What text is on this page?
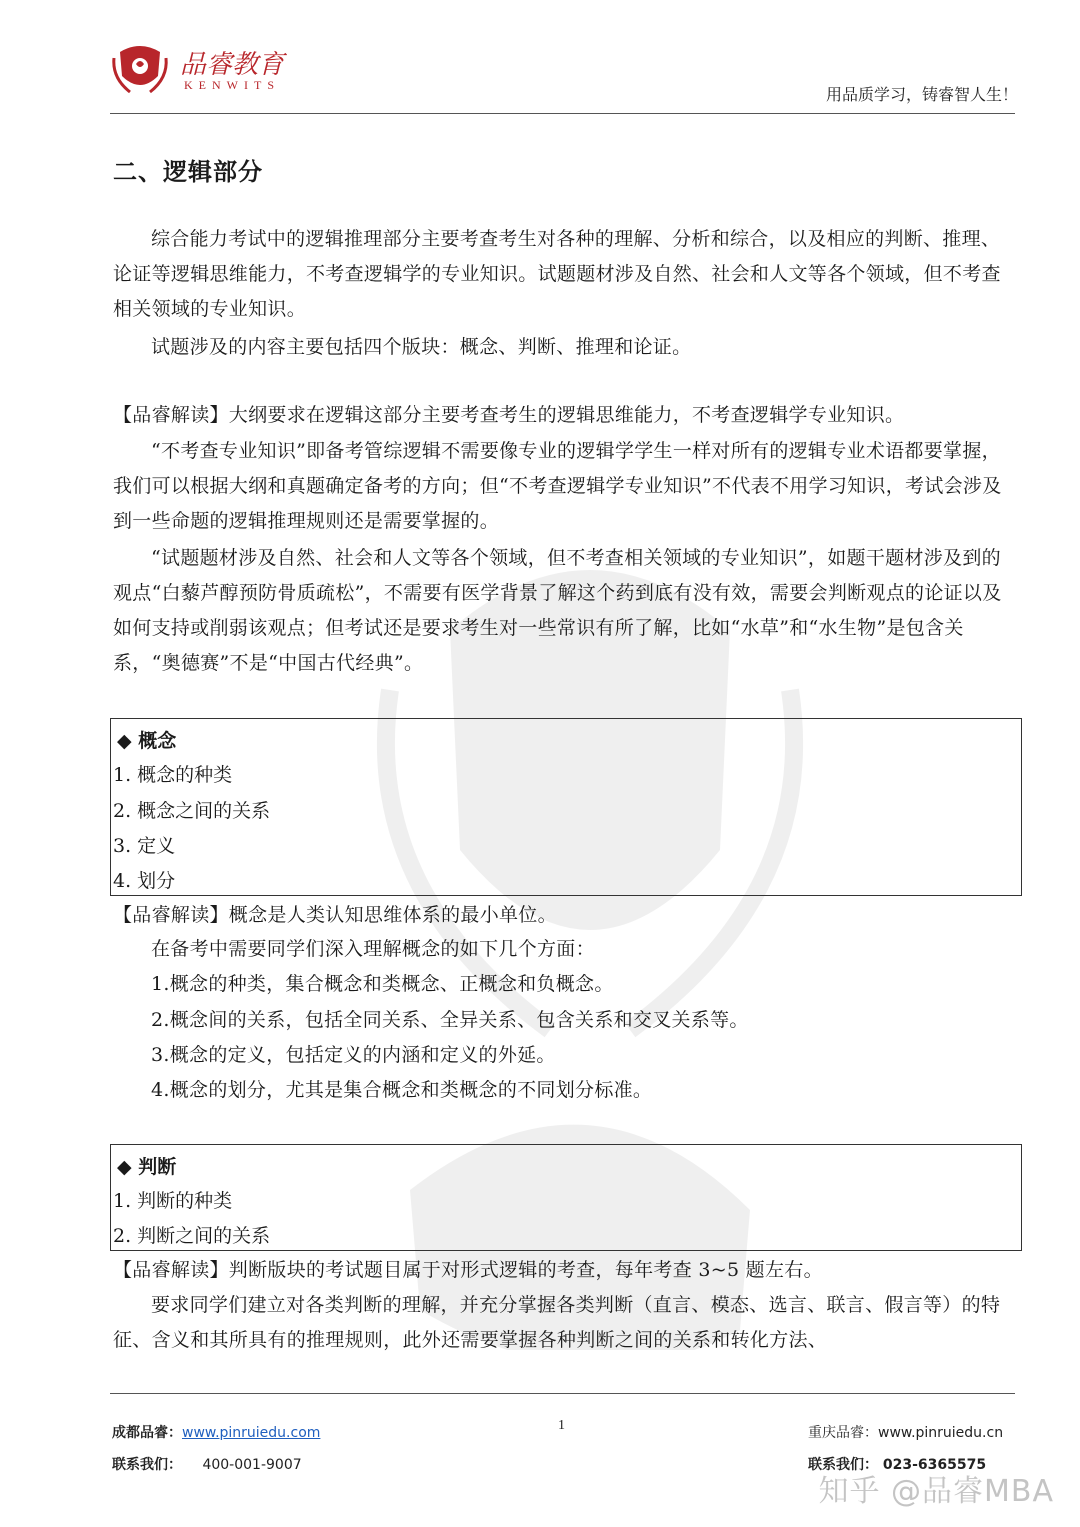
品睿教育
KENWITS	用品质学习，铸睿智人生！
二、逻辑部分

综合能力考试中的逻辑推理部分主要考查考生对各种的理解、分析和综合，以及相应的判断、推理、论证等逻辑思维能力，不考查逻辑学的专业知识。试题题材涉及自然、社会和人文等各个领域，但不考查相关领域的专业知识。

试题涉及的内容主要包括四个版块：概念、判断、推理和论证。

【品睿解读】大纲要求在逻辑这部分主要考查考生的逻辑思维能力，不考查逻辑学专业知识。

“不考查专业知识”即备考管综逻辑不需要像专业的逻辑学学生一样对所有的逻辑专业术语都要掌握，我们可以根据大纲和真题确定备考的方向；但“不考查逻辑学专业知识”不代表不用学习知识，考试会涉及到一些命题的逻辑推理规则还是需要掌握的。

“试题题材涉及自然、社会和人文等各个领域，但不考查相关领域的专业知识”，如题干题材涉及到的观点“白藜芦醇预防骨质疏松”，不需要有医学背景了解这个药到底有没有效，需要会判断观点的论证以及如何支持或削弱该观点；但考试还是要求考生对一些常识有所了解，比如“水草”和“水生物”是包含关系，“奥德赛”不是“中国古代经典”。

◆ 概念
1. 概念的种类
2. 概念之间的关系
3. 定义
4. 划分

【品睿解读】概念是人类认知思维体系的最小单位。

在备考中需要同学们深入理解概念的如下几个方面：

1.概念的种类，集合概念和类概念、正概念和负概念。

2.概念间的关系，包括全同关系、全异关系、包含关系和交叉关系等。

3.概念的定义，包括定义的内涵和定义的外延。

4.概念的划分，尤其是集合概念和类概念的不同划分标准。

◆ 判断
1. 判断的种类
2. 判断之间的关系

【品睿解读】判断版块的考试题目属于对形式逻辑的考查，每年考查 3~5 题左右。

要求同学们建立对各类判断的理解，并充分掌握各类判断（直言、模态、选言、联言、假言等）的特征、含义和其所具有的推理规则，此外还需要掌握各种判断之间的关系和转化方法、

成都品睿：www.pinruiedu.com
联系我们： 400-001-9007
1	重庆品睿：www.pinruiedu.cn
联系我们： 023-6365575
知乎 @品睿MBA
